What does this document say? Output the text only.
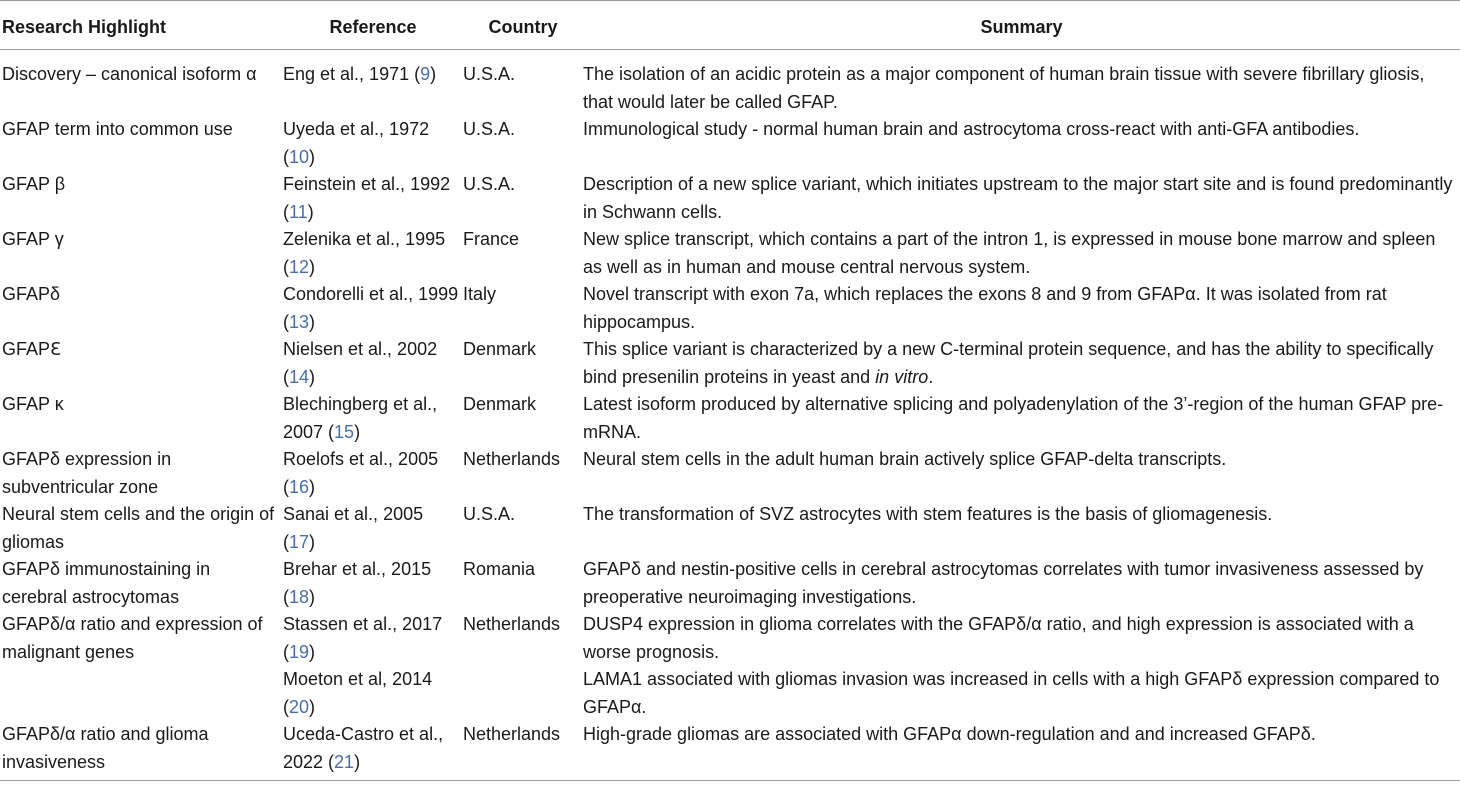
Research Highlight	Reference	Country	Summary
Discovery – canonical isoform α	Eng et al., 1971 (9)	U.S.A.	The isolation of an acidic protein as a major component of human brain tissue with severe fibrillary gliosis, that would later be called GFAP.
GFAP term into common use	Uyeda et al., 1972 (10)	U.S.A.	Immunological study - normal human brain and astrocytoma cross-react with anti-GFA antibodies.
GFAP β	Feinstein et al., 1992 (11)	U.S.A.	Description of a new splice variant, which initiates upstream to the major start site and is found predominantly in Schwann cells.
GFAP γ	Zelenika et al., 1995 (12)	France	New splice transcript, which contains a part of the intron 1, is expressed in mouse bone marrow and spleen as well as in human and mouse central nervous system.
GFAPδ	Condorelli et al., 1999 (13)	Italy	Novel transcript with exon 7a, which replaces the exons 8 and 9 from GFAPα. It was isolated from rat hippocampus.
GFAPℇ	Nielsen et al., 2002 (14)	Denmark	This splice variant is characterized by a new C-terminal protein sequence, and has the ability to specifically bind presenilin proteins in yeast and in vitro.
GFAP κ	Blechingberg et al., 2007 (15)	Denmark	Latest isoform produced by alternative splicing and polyadenylation of the 3’-region of the human GFAP pre-mRNA.
GFAPδ expression in subventricular zone	Roelofs et al., 2005 (16)	Netherlands	Neural stem cells in the adult human brain actively splice GFAP-delta transcripts.
Neural stem cells and the origin of gliomas	Sanai et al., 2005 (17)	U.S.A.	The transformation of SVZ astrocytes with stem features is the basis of gliomagenesis.
GFAPδ immunostaining in cerebral astrocytomas	Brehar et al., 2015 (18)	Romania	GFAPδ and nestin-positive cells in cerebral astrocytomas correlates with tumor invasiveness assessed by preoperative neuroimaging investigations.
GFAPδ/α ratio and expression of malignant genes	Stassen et al., 2017 (19)	Netherlands	DUSP4 expression in glioma correlates with the GFAPδ/α ratio, and high expression is associated with a worse prognosis.
	Moeton et al, 2014 (20)		LAMA1 associated with gliomas invasion was increased in cells with a high GFAPδ expression compared to GFAPα.
GFAPδ/α ratio and glioma invasiveness	Uceda-Castro et al., 2022 (21)	Netherlands	High-grade gliomas are associated with GFAPα down-regulation and and increased GFAPδ.
